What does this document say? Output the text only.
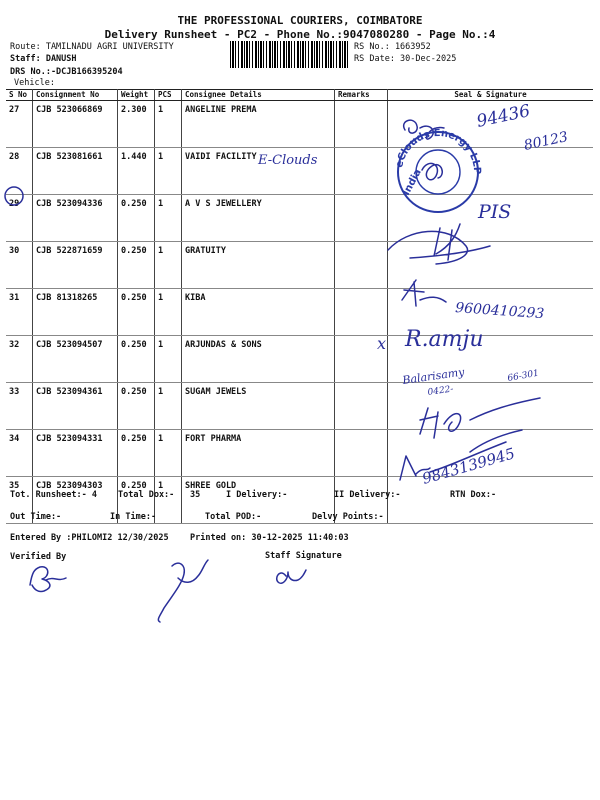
THE PROFESSIONAL COURIERS, COIMBATORE
Delivery Runsheet - PC2 - Phone No.:9047080280 - Page No.:4
Route: TAMILNADU AGRI UNIVERSITY
Staff: DANUSH
DRS No.:-DCJB166395204
Vehicle:
RS No.: 1663952
RS Date: 30-Dec-2025
S No	Consignment No	Weight	PCS	Consignee Details	Remarks	Seal & Signature
27	CJB 523066869	2.300	1	ANGELINE PREMA		
28	CJB 523081661	1.440	1	VAIDI FACILITY		
29	CJB 523094336	0.250	1	A V S JEWELLERY		
30	CJB 522871659	0.250	1	GRATUITY		
31	CJB 81318265	0.250	1	KIBA		
32	CJB 523094507	0.250	1	ARJUNDAS & SONS		
33	CJB 523094361	0.250	1	SUGAM JEWELS		
34	CJB 523094331	0.250	1	FORT PHARMA		
35	CJB 523094303	0.250	1	SHREE GOLD		
Tot. Runsheet:- 4 Total Dox:- 35	I Delivery:-	II Delivery:-	RTN Dox:-
Out Time:-	In Time:-	Total POD:-	Delvy Points:-
Entered By :PHILOMI2 12/30/2025	Printed on: 30-12-2025 11:40:03
Verified By	Staff Signature
94436
80123
E-Clouds	eClouds Energy LLP
India
PIS
9600410293
x R.amju
Balarisamy
0422-
66-301
9843139945
